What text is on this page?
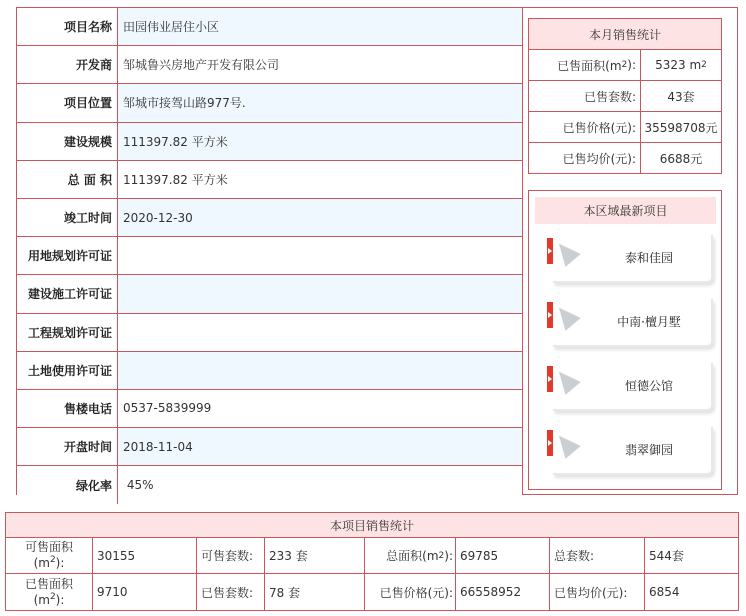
项目名称 田园伟业居住小区
开发商 邹城鲁兴房地产开发有限公司
项目位置 邹城市接驾山路977号.
建设规模 111397.82 平方米
总 面 积 111397.82 平方米
竣工时间 2020-12-30
用地规划许可证
建设施工许可证
工程规划许可证
土地使用许可证
售楼电话 0537-5839999
开盘时间 2018-11-04
绿化率 45%
本月销售统计
已售面积(m 2 ): 5323 m 2
已售套数:	43套
已售价格(元): 35598708元
已售均价(元):	6688元
本区域最新项目
泰和佳园
中南·檀月墅
恒德公馆
翡翠御园
本项目销售统计
可售面积
$(m^2)$:
30155	可售套数:	233 套	总面积(m 2 ): 69785	总套数:	544套
已售面积
$(m^2)$:
9710	已售套数:	78 套	已售价格(元): 66558952	已售均价(元):	6854
